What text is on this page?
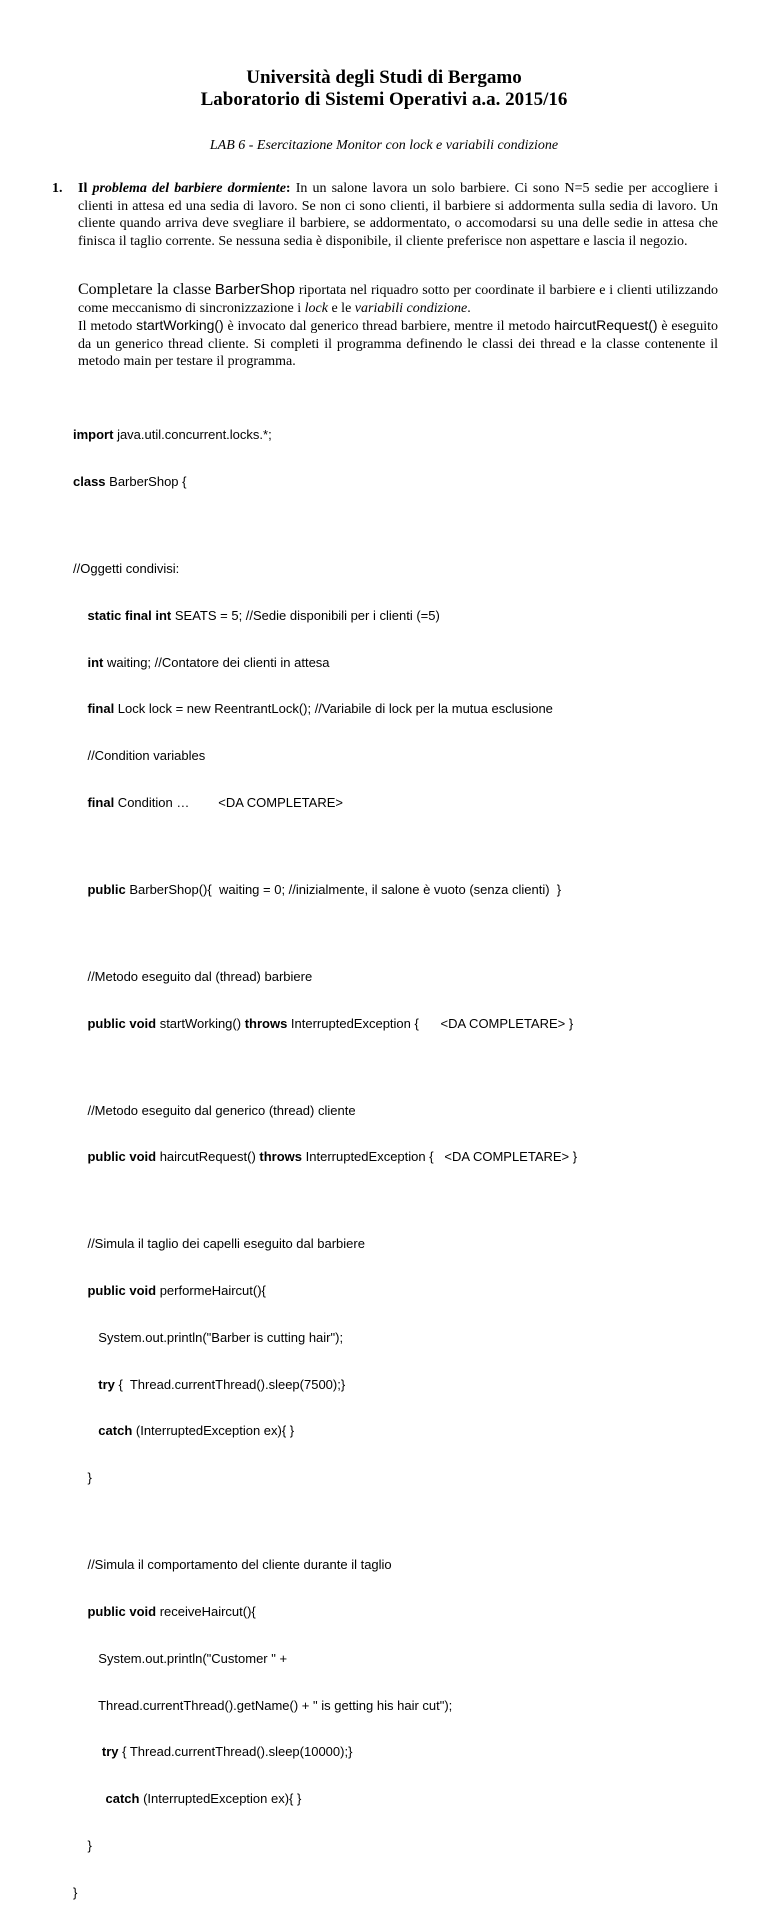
Università degli Studi di Bergamo
Laboratorio di Sistemi Operativi a.a. 2015/16
LAB 6 - Esercitazione Monitor con lock e variabili condizione
1. Il problema del barbiere dormiente: In un salone lavora un solo barbiere. Ci sono N=5 sedie per accogliere i clienti in attesa ed una sedia di lavoro. Se non ci sono clienti, il barbiere si addormenta sulla sedia di lavoro. Un cliente quando arriva deve svegliare il barbiere, se addormentato, o accomodarsi su una delle sedie in attesa che finisca il taglio corrente. Se nessuna sedia è disponibile, il cliente preferisce non aspettare e lascia il negozio.
Completare la classe BarberShop riportata nel riquadro sotto per coordinate il barbiere e i clienti utilizzando come meccanismo di sincronizzazione i lock e le variabili condizione.
Il metodo startWorking() è invocato dal generico thread barbiere, mentre il metodo haircutRequest() è eseguito da un generico thread cliente. Si completi il programma definendo le classi dei thread e la classe contenente il metodo main per testare il programma.

import java.util.concurrent.locks.*;

class BarberShop {

//Oggetti condivisi:

static final int SEATS = 5; //Sedie disponibili per i clienti (=5)

int waiting; //Contatore dei clienti in attesa

final Lock lock = new ReentrantLock(); //Variabile di lock per la mutua esclusione

//Condition variables

final Condition …        <DA COMPLETARE>

public BarberShop(){  waiting = 0; //inizialmente, il salone è vuoto (senza clienti)  }

//Metodo eseguito dal (thread) barbiere

public void startWorking() throws InterruptedException {      <DA COMPLETARE> }

//Metodo eseguito dal generico (thread) cliente

public void haircutRequest() throws InterruptedException {   <DA COMPLETARE> }

//Simula il taglio dei capelli eseguito dal barbiere

public void performeHaircut(){

System.out.println("Barber is cutting hair");

try {  Thread.currentThread().sleep(7500);}

catch (InterruptedException ex){ }

}

//Simula il comportamento del cliente durante il taglio

public void receiveHaircut(){

System.out.println("Customer " +

Thread.currentThread().getName() + " is getting his hair cut");

try { Thread.currentThread().sleep(10000);}

catch (InterruptedException ex){ }

}

}
